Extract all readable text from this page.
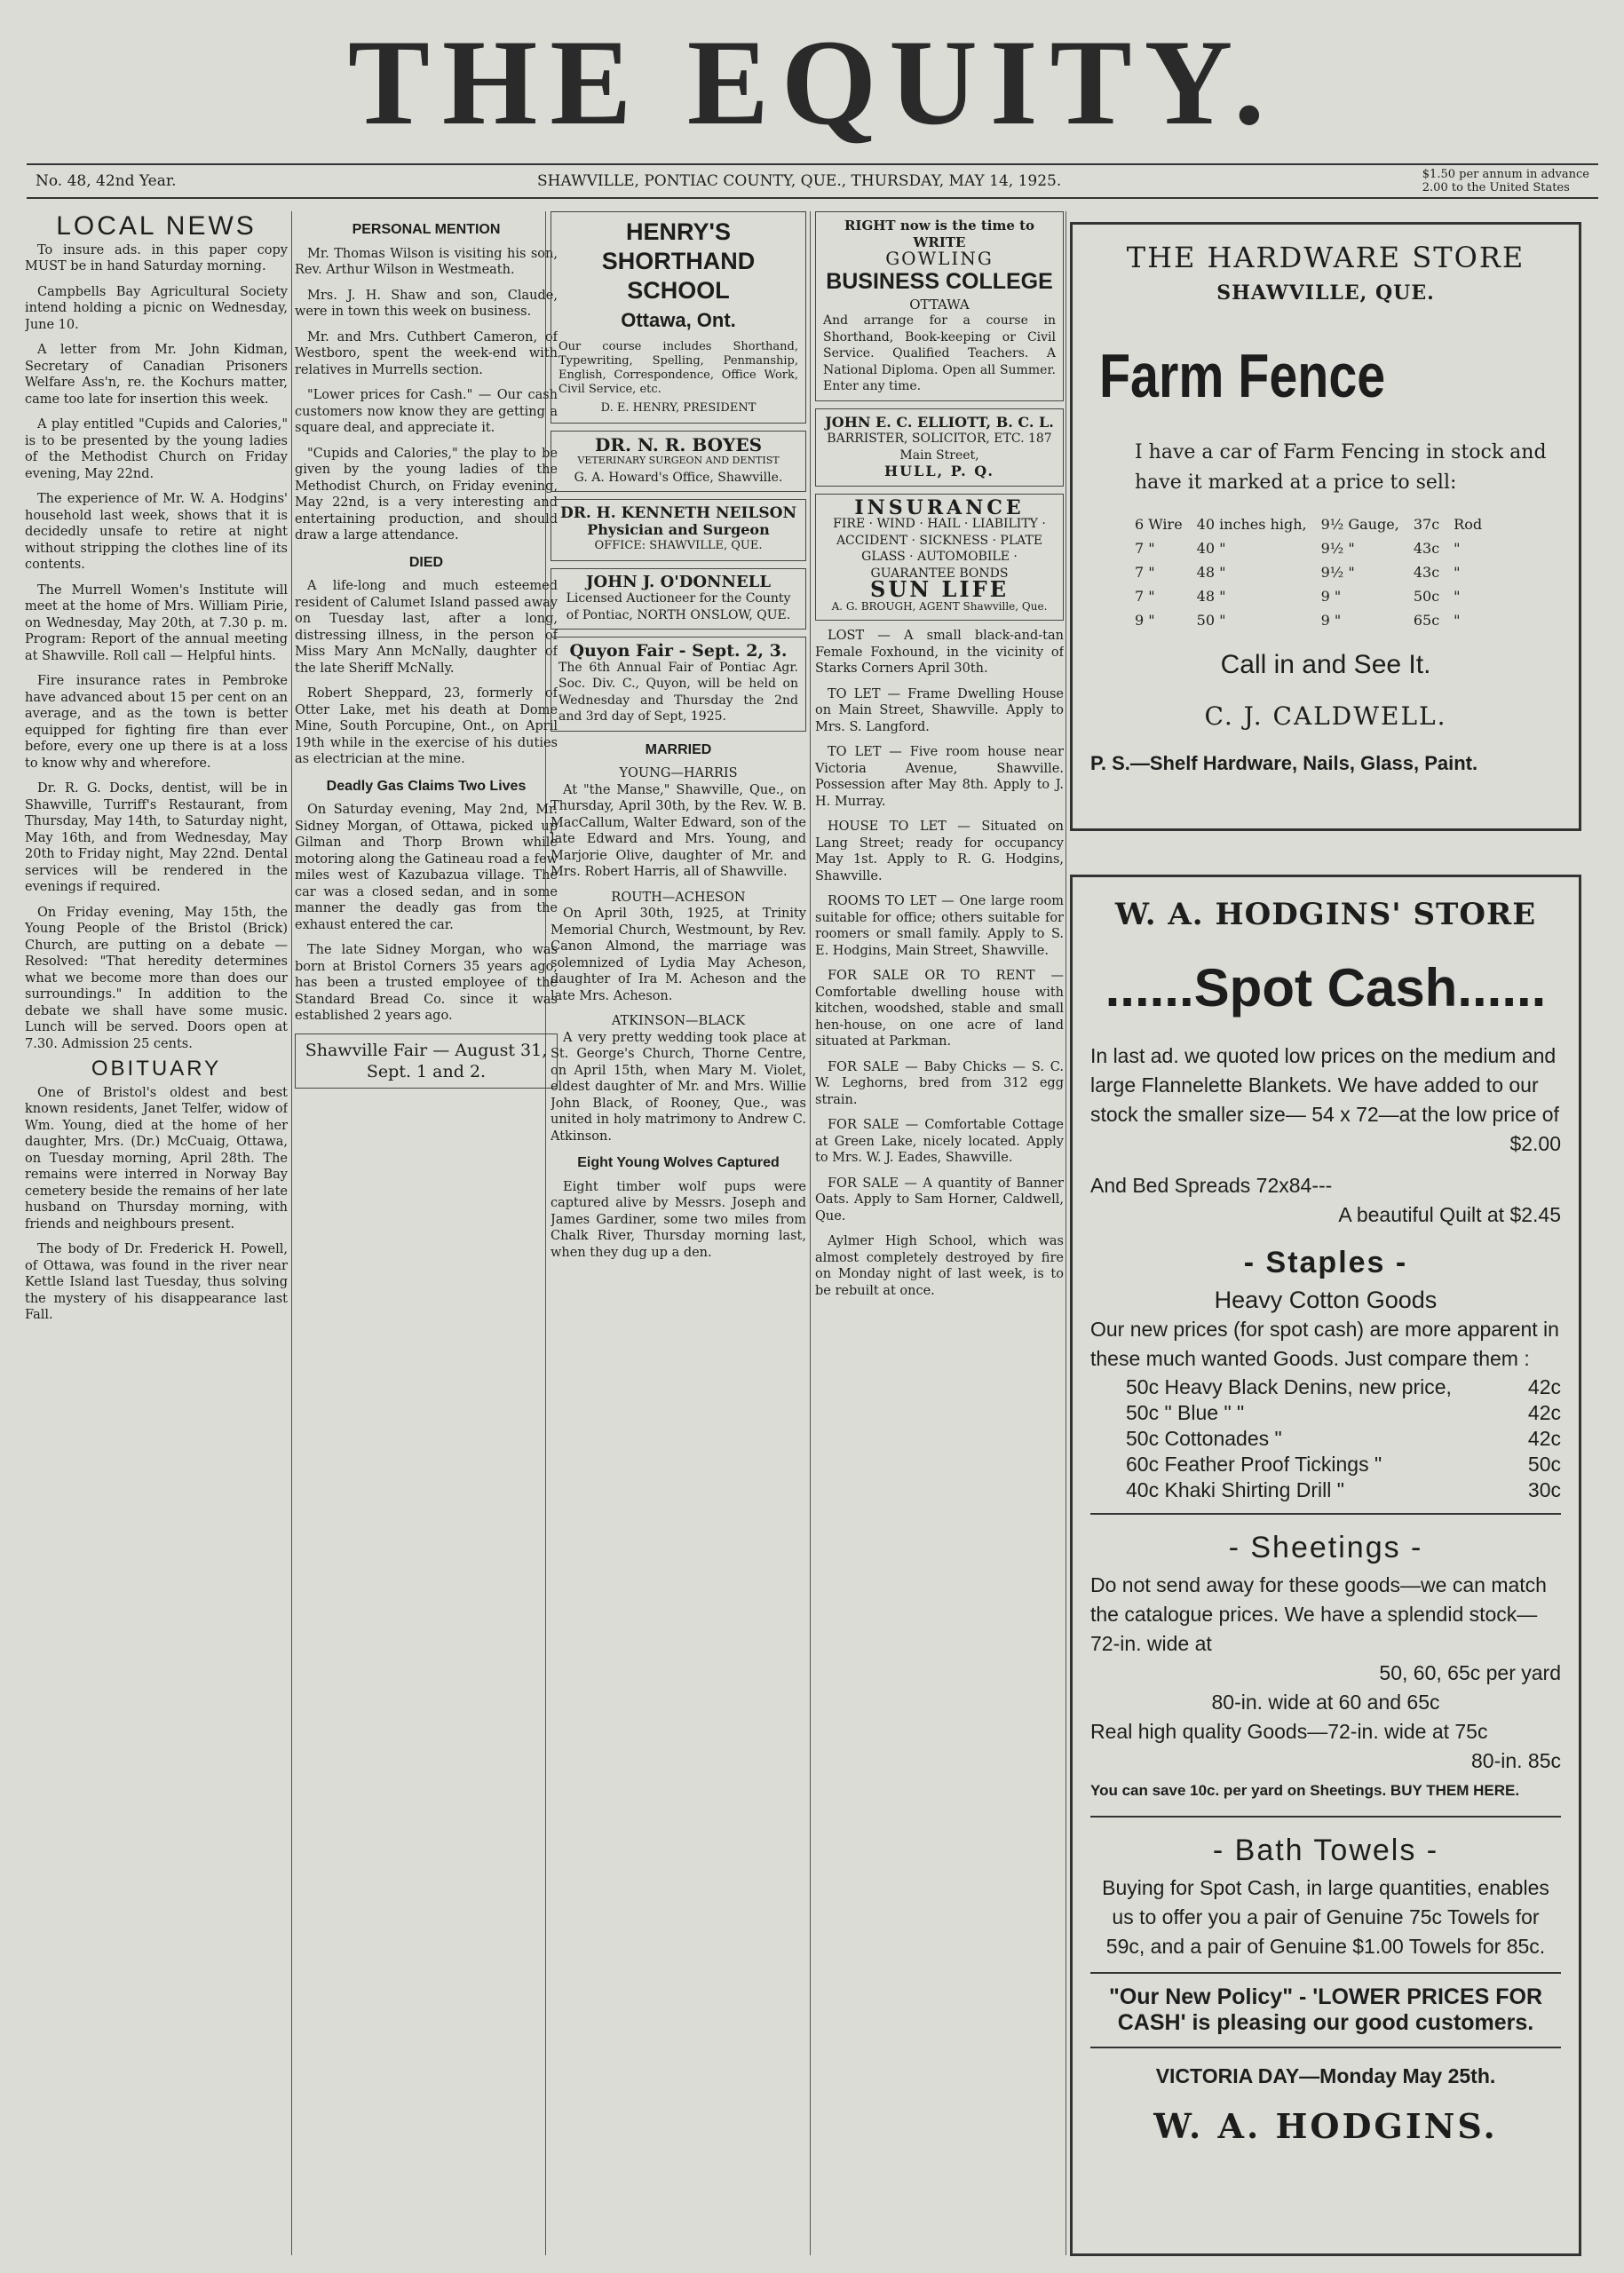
THE EQUITY.
No. 48, 42nd Year.	SHAWVILLE, PONTIAC COUNTY, QUE., THURSDAY, MAY 14, 1925.	$1.50 per annum in advance
2.00 to the United States
LOCAL NEWS

To insure ads. in this paper copy MUST be in hand Saturday morning.

Campbells Bay Agricultural Society intend holding a picnic on Wednesday, June 10.

A letter from Mr. John Kidman, Secretary of Canadian Prisoners Welfare Ass'n, re. the Kochurs matter, came too late for insertion this week.

A play entitled "Cupids and Calories," is to be presented by the young ladies of the Methodist Church on Friday evening, May 22nd.

The experience of Mr. W. A. Hodgins' household last week, shows that it is decidedly unsafe to retire at night without stripping the clothes line of its contents.

The Murrell Women's Institute will meet at the home of Mrs. William Pirie, on Wednesday, May 20th, at 7.30 p. m. Program: Report of the annual meeting at Shawville. Roll call — Helpful hints.

Fire insurance rates in Pembroke have advanced about 15 per cent on an average, and as the town is better equipped for fighting fire than ever before, every one up there is at a loss to know why and wherefore.

Dr. R. G. Docks, dentist, will be in Shawville, Turriff's Restaurant, from Thursday, May 14th, to Saturday night, May 16th, and from Wednesday, May 20th to Friday night, May 22nd. Dental services will be rendered in the evenings if required.

On Friday evening, May 15th, the Young People of the Bristol (Brick) Church, are putting on a debate — Resolved: "That heredity determines what we become more than does our surroundings." In addition to the debate we shall have some music. Lunch will be served. Doors open at 7.30. Admission 25 cents.

OBITUARY

One of Bristol's oldest and best known residents, Janet Telfer, widow of Wm. Young, died at the home of her daughter, Mrs. (Dr.) McCuaig, Ottawa, on Tuesday morning, April 28th. The remains were interred in Norway Bay cemetery beside the remains of her late husband on Thursday morning, with friends and neighbours present.

The body of Dr. Frederick H. Powell, of Ottawa, was found in the river near Kettle Island last Tuesday, thus solving the mystery of his disappearance last Fall.

PERSONAL MENTION

Mr. Thomas Wilson is visiting his son, Rev. Arthur Wilson in Westmeath.

Mrs. J. H. Shaw and son, Claude, were in town this week on business.

Mr. and Mrs. Cuthbert Cameron, of Westboro, spent the week-end with relatives in Murrells section.

"Lower prices for Cash." — Our cash customers now know they are getting a square deal, and appreciate it.

"Cupids and Calories," the play to be given by the young ladies of the Methodist Church, on Friday evening, May 22nd, is a very interesting and entertaining production, and should draw a large attendance.

DIED

A life-long and much esteemed resident of Calumet Island passed away on Tuesday last, after a long, distressing illness, in the person of Miss Mary Ann McNally, daughter of the late Sheriff McNally.

Robert Sheppard, 23, formerly of Otter Lake, met his death at Dome Mine, South Porcupine, Ont., on April 19th while in the exercise of his duties as electrician at the mine.

Deadly Gas Claims Two Lives

On Saturday evening, May 2nd, Mr. Sidney Morgan, of Ottawa, picked up Gilman and Thorp Brown while motoring along the Gatineau road a few miles west of Kazubazua village. The car was a closed sedan, and in some manner the deadly gas from the exhaust entered the car.

The late Sidney Morgan, who was born at Bristol Corners 35 years ago, has been a trusted employee of the Standard Bread Co. since it was established 2 years ago.

Shawville Fair — August 31, Sept. 1 and 2.
HENRY'S
SHORTHAND SCHOOL
Ottawa, Ont.
Our course includes Shorthand, Typewriting, Spelling, Penmanship, English, Correspondence, Office Work, Civil Service, etc.
D. E. HENRY, PRESIDENT
DR. N. R. BOYES
VETERINARY SURGEON AND DENTIST
G. A. Howard's Office, Shawville.
DR. H. KENNETH NEILSON
Physician and Surgeon
OFFICE: SHAWVILLE, QUE.
JOHN J. O'DONNELL
Licensed Auctioneer for the County of Pontiac, NORTH ONSLOW, QUE.
Quyon Fair - Sept. 2, 3.
The 6th Annual Fair of Pontiac Agr. Soc. Div. C., Quyon, will be held on Wednesday and Thursday the 2nd and 3rd day of Sept, 1925.
MARRIED
YOUNG—HARRIS

At "the Manse," Shawville, Que., on Thursday, April 30th, by the Rev. W. B. MacCallum, Walter Edward, son of the late Edward and Mrs. Young, and Marjorie Olive, daughter of Mr. and Mrs. Robert Harris, all of Shawville.

ROUTH—ACHESON

On April 30th, 1925, at Trinity Memorial Church, Westmount, by Rev. Canon Almond, the marriage was solemnized of Lydia May Acheson, daughter of Ira M. Acheson and the late Mrs. Acheson.

ATKINSON—BLACK

A very pretty wedding took place at St. George's Church, Thorne Centre, on April 15th, when Mary M. Violet, eldest daughter of Mr. and Mrs. Willie John Black, of Rooney, Que., was united in holy matrimony to Andrew C. Atkinson.

Eight Young Wolves Captured

Eight timber wolf pups were captured alive by Messrs. Joseph and James Gardiner, some two miles from Chalk River, Thursday morning last, when they dug up a den.

RIGHT now is the time to WRITE
GOWLING
BUSINESS COLLEGE
OTTAWA
And arrange for a course in Shorthand, Book-keeping or Civil Service. Qualified Teachers. A National Diploma. Open all Summer. Enter any time.
JOHN E. C. ELLIOTT, B. C. L.
BARRISTER, SOLICITOR, ETC. 187 Main Street,
HULL, P. Q.
INSURANCE
FIRE · WIND · HAIL · LIABILITY · ACCIDENT · SICKNESS · PLATE GLASS · AUTOMOBILE · GUARANTEE BONDS
SUN LIFE
A. G. BROUGH, AGENT Shawville, Que.

LOST — A small black-and-tan Female Foxhound, in the vicinity of Starks Corners April 30th.

TO LET — Frame Dwelling House on Main Street, Shawville. Apply to Mrs. S. Langford.

TO LET — Five room house near Victoria Avenue, Shawville. Possession after May 8th. Apply to J. H. Murray.

HOUSE TO LET — Situated on Lang Street; ready for occupancy May 1st. Apply to R. G. Hodgins, Shawville.

ROOMS TO LET — One large room suitable for office; others suitable for roomers or small family. Apply to S. E. Hodgins, Main Street, Shawville.

FOR SALE OR TO RENT — Comfortable dwelling house with kitchen, woodshed, stable and small hen-house, on one acre of land situated at Parkman.

FOR SALE — Baby Chicks — S. C. W. Leghorns, bred from 312 egg strain.

FOR SALE — Comfortable Cottage at Green Lake, nicely located. Apply to Mrs. W. J. Eades, Shawville.

FOR SALE — A quantity of Banner Oats. Apply to Sam Horner, Caldwell, Que.

Aylmer High School, which was almost completely destroyed by fire on Monday night of last week, is to be rebuilt at once.

THE HARDWARE STORE
SHAWVILLE, QUE.
Farm Fence
I have a car of Farm Fencing in stock and have it marked at a price to sell:
6 Wire	40 inches high,	9½ Gauge,	37c	Rod
7 "	40 "	9½ "	43c	"
7 "	48 "	9½ "	43c	"
7 "	48 "	9 "	50c	"
9 "	50 "	9 "	65c	"
Call in and See It.
C. J. CALDWELL.
P. S.—Shelf Hardware, Nails, Glass, Paint.
W. A. HODGINS' STORE
......Spot Cash......
In last ad. we quoted low prices on the medium and large Flannelette Blankets. We have added to our stock the smaller size— 54 x 72—at the low price of
$2.00
And Bed Spreads 72x84---
A beautiful Quilt at $2.45
- Staples -
Heavy Cotton Goods
Our new prices (for spot cash) are more apparent in these much wanted Goods. Just compare them :
50c Heavy Black Denins, new price,	42c
50c " Blue " "	42c
50c Cottonades "	42c
60c Feather Proof Tickings "	50c
40c Khaki Shirting Drill "	30c
- Sheetings -
Do not send away for these goods—we can match the catalogue prices. We have a splendid stock—72-in. wide at
50, 60, 65c per yard
80-in. wide at 60 and 65c
Real high quality Goods—72-in. wide at 75c
80-in. 85c
You can save 10c. per yard on Sheetings. BUY THEM HERE.
- Bath Towels -
Buying for Spot Cash, in large quantities, enables us to offer you a pair of Genuine 75c Towels for 59c, and a pair of Genuine $1.00 Towels for 85c.
"Our New Policy" - 'LOWER PRICES FOR CASH' is pleasing our good customers.
VICTORIA DAY—Monday May 25th.
W. A. HODGINS.
